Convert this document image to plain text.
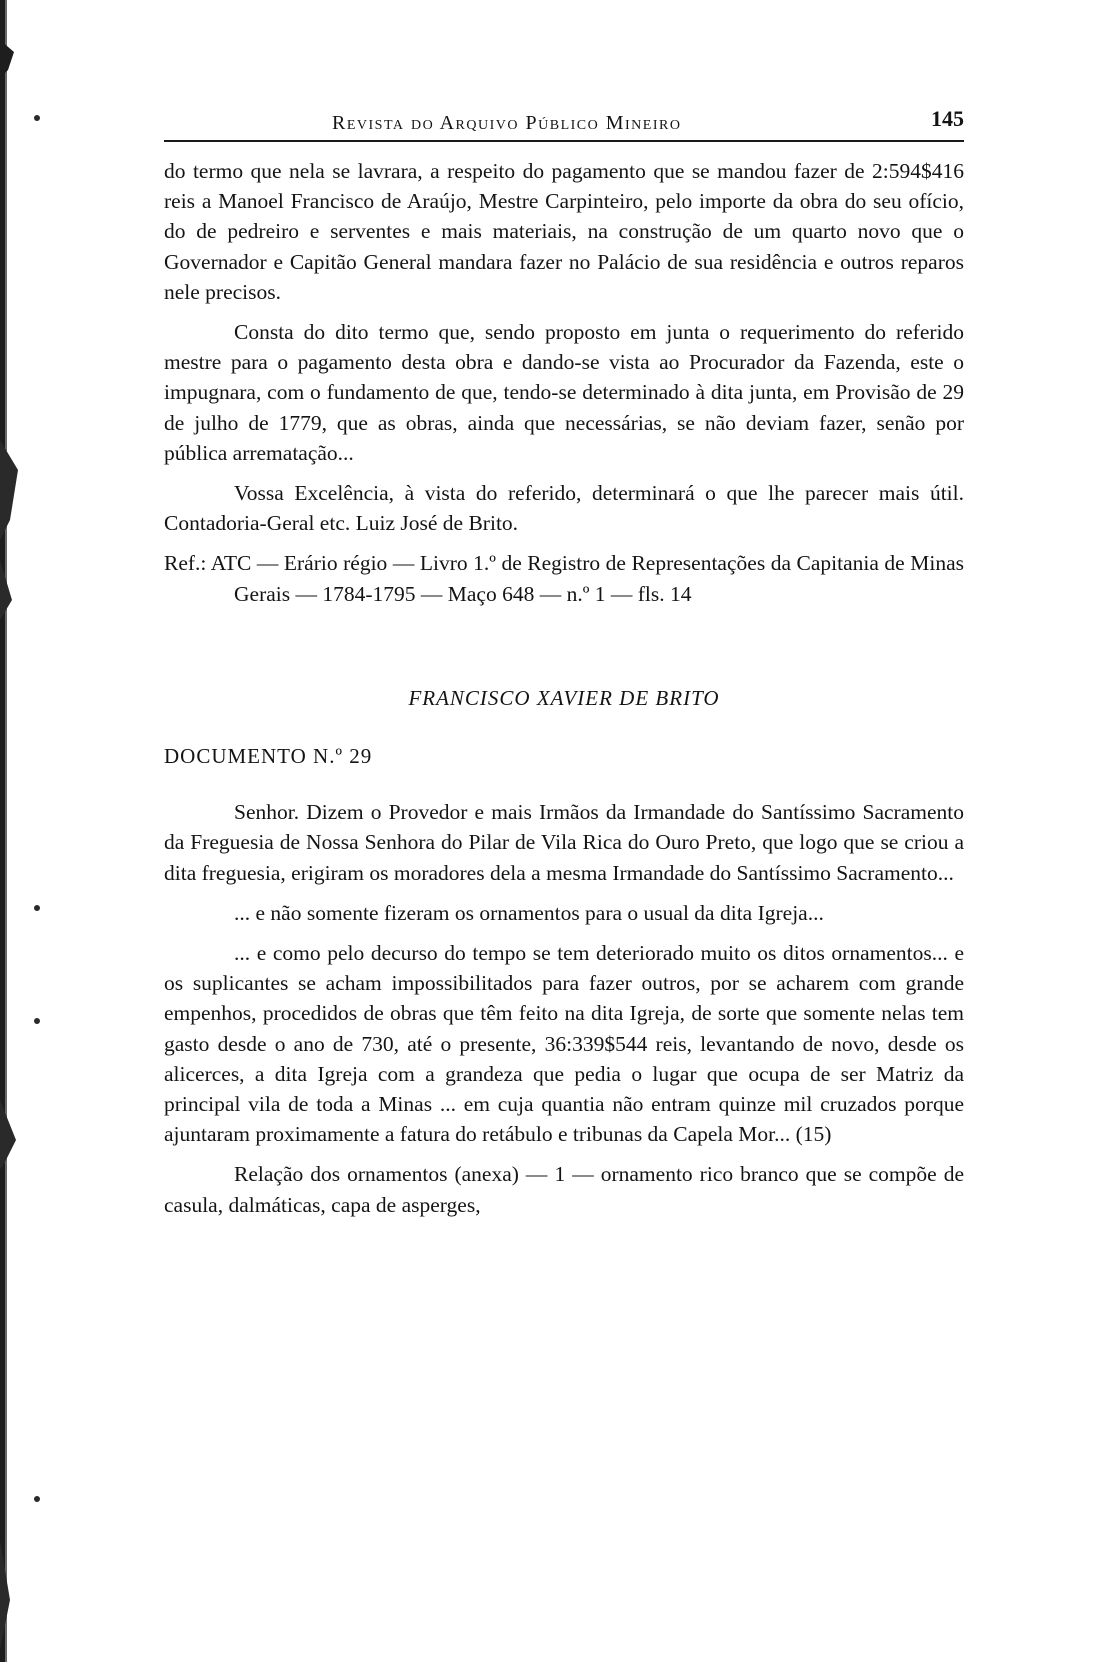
Revista do Arquivo Público Mineiro	145

do termo que nela se lavrara, a respeito do pagamento que se mandou fazer de 2:594$416 reis a Manoel Francisco de Araújo, Mestre Carpinteiro, pelo importe da obra do seu ofício, do de pedreiro e serventes e mais materiais, na construção de um quarto novo que o Governador e Capitão General mandara fazer no Palácio de sua residência e outros reparos nele precisos.

Consta do dito termo que, sendo proposto em junta o requerimento do referido mestre para o pagamento desta obra e dando-se vista ao Procurador da Fazenda, este o impugnara, com o fundamento de que, tendo-se determinado à dita junta, em Provisão de 29 de julho de 1779, que as obras, ainda que necessárias, se não deviam fazer, senão por pública arrematação...

Vossa Excelência, à vista do referido, determinará o que lhe parecer mais útil. Contadoria-Geral etc. Luiz José de Brito.

Ref.: ATC — Erário régio — Livro 1.º de Registro de Representações da Capitania de Minas Gerais — 1784-1795 — Maço 648 — n.º 1 — fls. 14

FRANCISCO XAVIER DE BRITO
DOCUMENTO N.º 29

Senhor. Dizem o Provedor e mais Irmãos da Irmandade do Santíssimo Sacramento da Freguesia de Nossa Senhora do Pilar de Vila Rica do Ouro Preto, que logo que se criou a dita freguesia, erigiram os moradores dela a mesma Irmandade do Santíssimo Sacramento...

... e não somente fizeram os ornamentos para o usual da dita Igreja...

... e como pelo decurso do tempo se tem deteriorado muito os ditos ornamentos... e os suplicantes se acham impossibilitados para fazer outros, por se acharem com grande empenhos, procedidos de obras que têm feito na dita Igreja, de sorte que somente nelas tem gasto desde o ano de 730, até o presente, 36:339$544 reis, levantando de novo, desde os alicerces, a dita Igreja com a grandeza que pedia o lugar que ocupa de ser Matriz da principal vila de toda a Minas ... em cuja quantia não entram quinze mil cruzados porque ajuntaram proximamente a fatura do retábulo e tribunas da Capela Mor... (15)

Relação dos ornamentos (anexa) — 1 — ornamento rico branco que se compõe de casula, dalmáticas, capa de asperges,
